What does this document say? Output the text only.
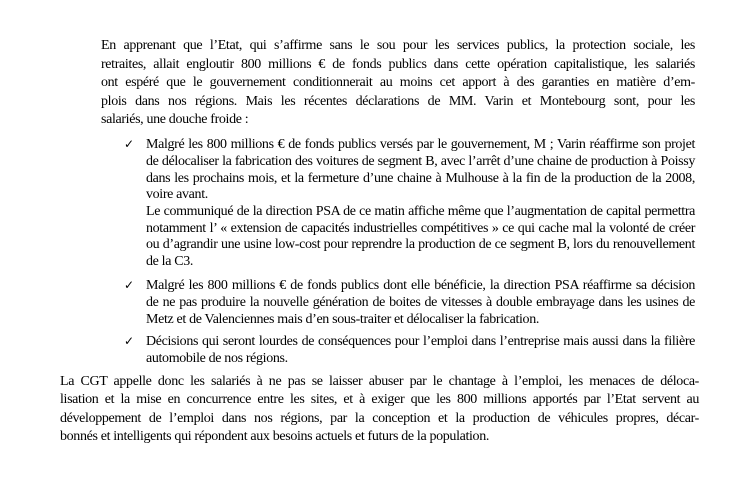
En apprenant que l’Etat, qui s’affirme sans le sou pour les services publics, la protection sociale, les
retraites, allait engloutir 800 millions € de fonds publics dans cette opération capitalistique, les salariés
ont espéré que le gouvernement conditionnerait au moins cet apport à des garanties en matière d’em-
plois dans nos régions. Mais les récentes déclarations de MM. Varin et Montebourg sont, pour les
salariés, une douche froide :
✓ Malgré les 800 millions € de fonds publics versés par le gouvernement, M ; Varin réaffirme son projet
de délocaliser la fabrication des voitures de segment B, avec l’arrêt d’une chaine de production à Poissy
dans les prochains mois, et la fermeture d’une chaine à Mulhouse à la fin de la production de la 2008,
voire avant.
Le communiqué de la direction PSA de ce matin affiche même que l’augmentation de capital permettra
notamment l’ « extension de capacités industrielles compétitives » ce qui cache mal la volonté de créer
ou d’agrandir une usine low-cost pour reprendre la production de ce segment B, lors du renouvellement
de la C3.
✓ Malgré les 800 millions € de fonds publics dont elle bénéficie, la direction PSA réaffirme sa décision
de ne pas produire la nouvelle génération de boites de vitesses à double embrayage dans les usines de
Metz et de Valenciennes mais d’en sous-traiter et délocaliser la fabrication.
✓ Décisions qui seront lourdes de conséquences pour l’emploi dans l’entreprise mais aussi dans la filière
automobile de nos régions.
La CGT appelle donc les salariés à ne pas se laisser abuser par le chantage à l’emploi, les menaces de déloca-
lisation et la mise en concurrence entre les sites, et à exiger que les 800 millions apportés par l’Etat servent au
développement de l’emploi dans nos régions, par la conception et la production de véhicules propres, décar-
bonnés et intelligents qui répondent aux besoins actuels et futurs de la population.
